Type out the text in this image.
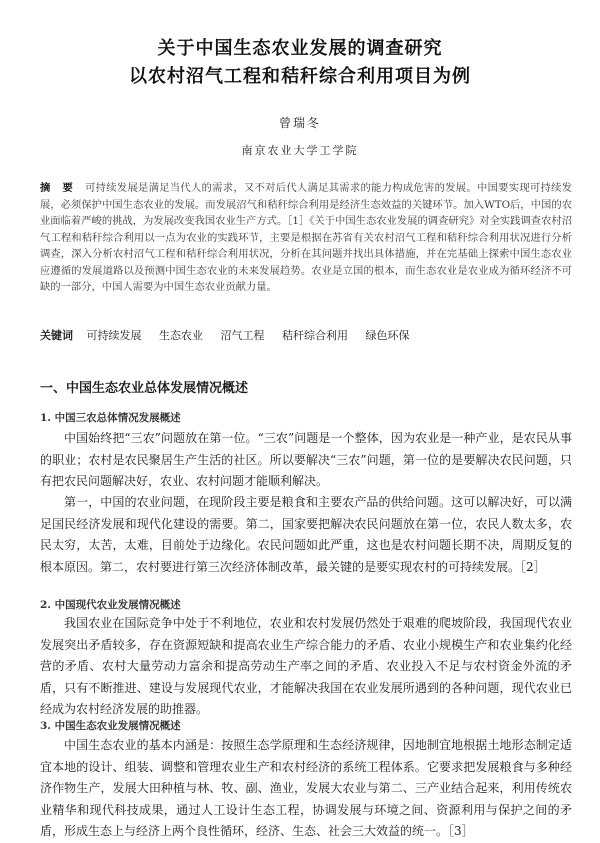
关于中国生态农业发展的调查研究
以农村沼气工程和秸秆综合利用项目为例
曾瑞冬
南京农业大学工学院

摘 要 可持续发展是满足当代人的需求，又不对后代人满足其需求的能力构成危害的发展。中国要实现可持续发展，必须保护中国生态农业的发展。而发展沼气和秸秆综合利用是经济生态效益的关键环节。加入WTO后，中国的农业面临着严峻的挑战，为发展改变我国农业生产方式。［1］《关于中国生态农业发展的调查研究》对全实践调查农村沼气工程和秸秆综合利用以一点为农业的实践环节，主要是根据在苏省有关农村沼气工程和秸秆综合利用状况进行分析调查，深入分析农村沼气工程和秸秆综合利用状况，分析在其问题并找出具体措施，并在完基础上探索中国生态农业应遵循的发展道路以及预测中国生态农业的未来发展趋势。农业是立国的根本，而生态农业是农业成为循环经济不可缺的一部分，中国人需要为中国生态农业贡献力量。

关键词 可持续发展 生态农业 沼气工程 秸秆综合利用 绿色环保

一、中国生态农业总体发展情况概述
1. 中国三农总体情况发展概述

中国始终把“三农”问题放在第一位。“三农”问题是一个整体，因为农业是一种产业，是农民从事的职业；农村是农民聚居生产生活的社区。所以要解决“三农”问题，第一位的是要解决农民问题，只有把农民问题解决好，农业、农村问题才能顺利解决。

第一，中国的农业问题，在现阶段主要是粮食和主要农产品的供给问题。这可以解决好，可以满足国民经济发展和现代化建设的需要。第二，国家要把解决农民问题放在第一位，农民人数太多，农民太穷，太苦，太难，目前处于边缘化。农民问题如此严重，这也是农村问题长期不决，周期反复的根本原因。第二，农村要进行第三次经济体制改革，最关键的是要实现农村的可持续发展。［2］

2. 中国现代农业发展情况概述

我国农业在国际竞争中处于不利地位，农业和农村发展仍然处于艰难的爬坡阶段，我国现代农业发展突出矛盾较多，存在资源短缺和提高农业生产综合能力的矛盾、农业小规模生产和农业集约化经营的矛盾、农村大量劳动力富余和提高劳动生产率之间的矛盾、农业投入不足与农村资金外流的矛盾，只有不断推进、建设与发展现代农业，才能解决我国在农业发展所遇到的各种问题，现代农业已经成为农村经济发展的助推器。

3. 中国生态农业发展情况概述

中国生态农业的基本内涵是：按照生态学原理和生态经济规律，因地制宜地根据土地形态制定适宜本地的设计、组装、调整和管理农业生产和农村经济的系统工程体系。它要求把发展粮食与多种经济作物生产，发展大田种植与林、牧、副、渔业，发展大农业与第二、三产业结合起来，利用传统农业精华和现代科技成果，通过人工设计生态工程，协调发展与环境之间、资源利用与保护之间的矛盾，形成生态上与经济上两个良性循环，经济、生态、社会三大效益的统一。［3］
